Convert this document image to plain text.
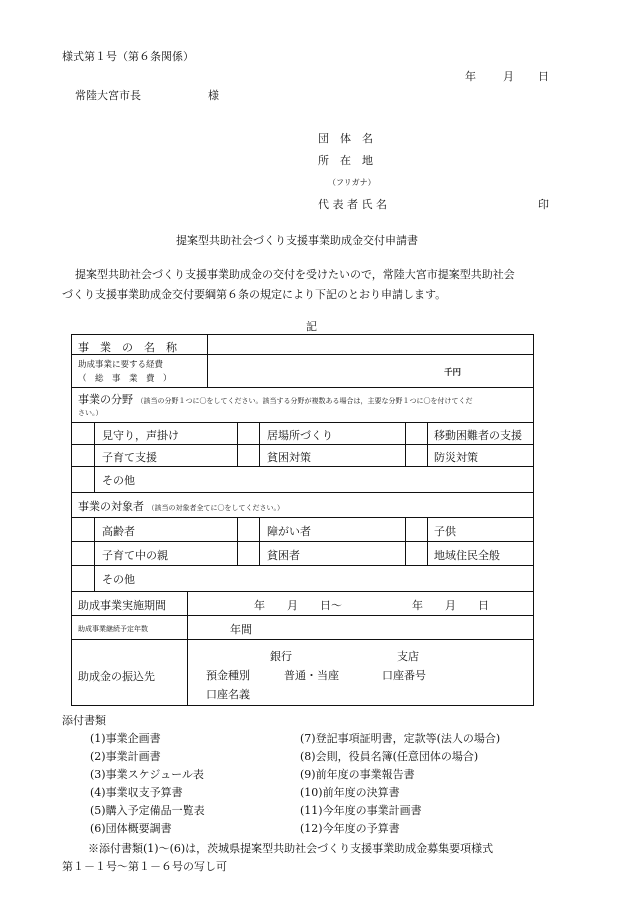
様式第１号（第６条関係）
年 月 日
常陸大宮市長	様
団　体　名
所　在　地
（フリガナ）
代 表 者 氏 名	印
提案型共助社会づくり支援事業助成金交付申請書
提案型共助社会づくり支援事業助成金の交付を受けたいので，常陸大宮市提案型共助社会
づくり支援事業助成金交付要綱第６条の規定により下記のとおり申請します。
記
事　業　の　名　称
助成事業に要する経費
（　総　事　業　費　）
千円
事業の分野 （該当の分野１つに〇をしてください。該当する分野が複数ある場合は，主要な分野１つに〇を付けてくだ
さい。）
見守り，声掛け	居場所づくり	移動困難者の支援
子育て支援	貧困対策	防災対策
その他
事業の対象者 （該当の対象者全てに〇をしてください。）
高齢者	障がい者	子供
子育て中の親	貧困者	地域住民全般
その他
助成事業実施期間	年　　月　　日～	年　　月　　日
助成事業継続予定年数	年間
助成金の振込先
銀行	支店
預金種別	普通・当座	口座番号
口座名義
添付書類
(1)事業企画書
(2)事業計画書
(3)事業スケジュール表
(4)事業収支予算書
(5)購入予定備品一覧表
(6)団体概要調書
(7)登記事項証明書，定款等(法人の場合)
(8)会則，役員名簿(任意団体の場合)
(9)前年度の事業報告書
(10)前年度の決算書
(11)今年度の事業計画書
(12)今年度の予算書
※添付書類(1)～(6)は，茨城県提案型共助社会づくり支援事業助成金募集要項様式
第１－１号～第１－６号の写し可
